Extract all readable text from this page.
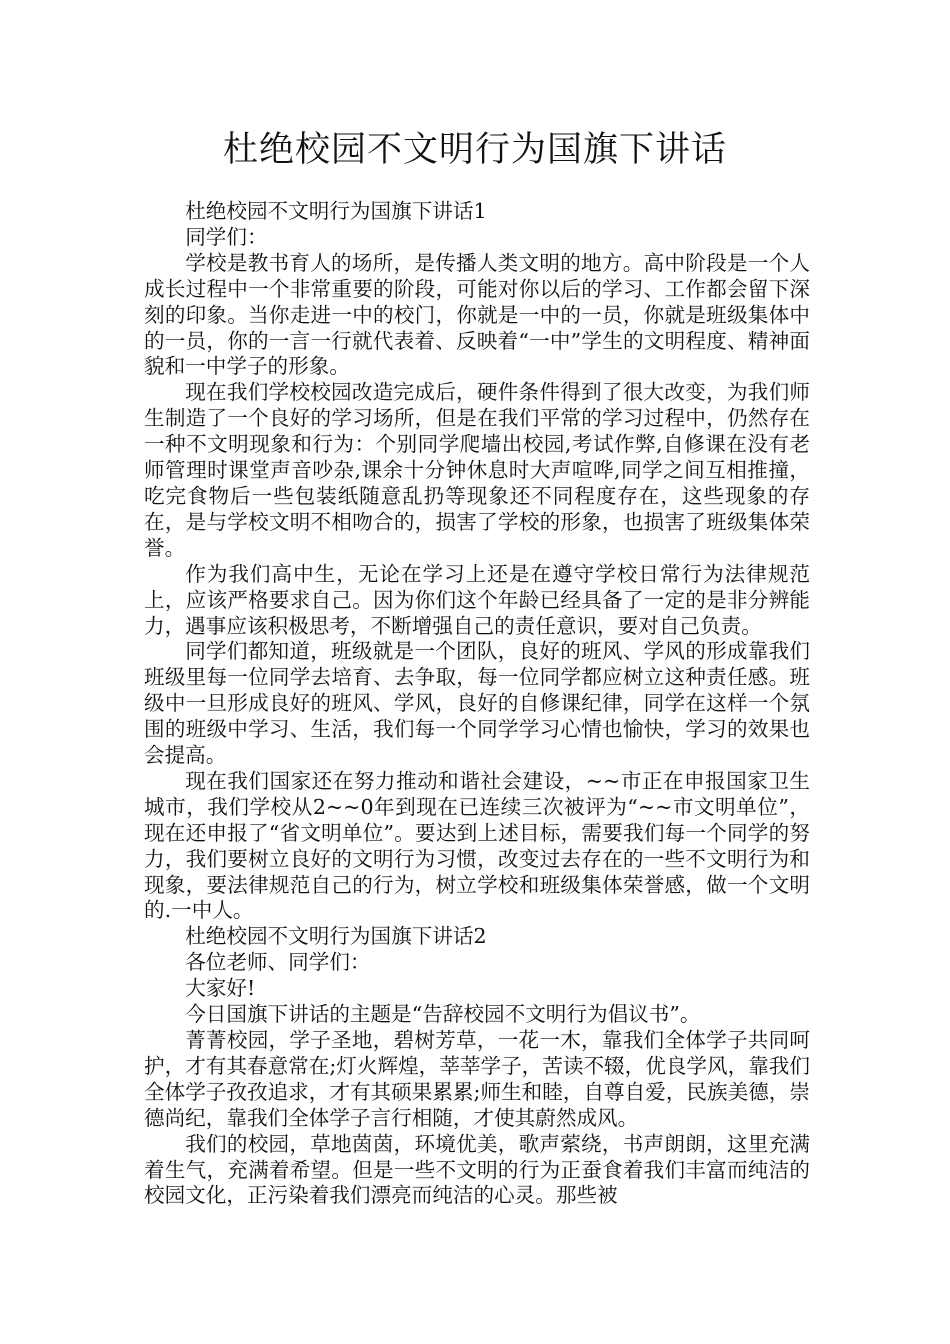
杜绝校园不文明行为国旗下讲话

杜绝校园不文明行为国旗下讲话1

同学们：

学校是教书育人的场所，是传播人类文明的地方。高中阶段是一个人成长过程中一个非常重要的阶段，可能对你以后的学习、工作都会留下深刻的印象。当你走进一中的校门，你就是一中的一员，你就是班级集体中的一员，你的一言一行就代表着、反映着“一中”学生的文明程度、精神面貌和一中学子的形象。

现在我们学校校园改造完成后，硬件条件得到了很大改变，为我们师生制造了一个良好的学习场所，但是在我们平常的学习过程中，仍然存在一种不文明现象和行为：个别同学爬墙出校园,考试作弊,自修课在没有老师管理时课堂声音吵杂,课余十分钟休息时大声喧哗,同学之间互相推撞，吃完食物后一些包装纸随意乱扔等现象还不同程度存在，这些现象的存在，是与学校文明不相吻合的，损害了学校的形象，也损害了班级集体荣誉。

作为我们高中生，无论在学习上还是在遵守学校日常行为法律规范上，应该严格要求自己。因为你们这个年龄已经具备了一定的是非分辨能力，遇事应该积极思考，不断增强自己的责任意识，要对自己负责。

同学们都知道，班级就是一个团队，良好的班风、学风的形成靠我们班级里每一位同学去培育、去争取，每一位同学都应树立这种责任感。班级中一旦形成良好的班风、学风，良好的自修课纪律，同学在这样一个氛围的班级中学习、生活，我们每一个同学学习心情也愉快，学习的效果也会提高。

现在我们国家还在努力推动和谐社会建设，~~市正在申报国家卫生城市，我们学校从2~~0年到现在已连续三次被评为“~~市文明单位”，现在还申报了“省文明单位”。要达到上述目标，需要我们每一个同学的努力，我们要树立良好的文明行为习惯，改变过去存在的一些不文明行为和现象，要法律规范自己的行为，树立学校和班级集体荣誉感，做一个文明的.一中人。

杜绝校园不文明行为国旗下讲话2

各位老师、同学们：

大家好!

今日国旗下讲话的主题是“告辞校园不文明行为倡议书”。

菁菁校园，学子圣地，碧树芳草，一花一木，靠我们全体学子共同呵护，才有其春意常在;灯火辉煌，莘莘学子，苦读不辍，优良学风，靠我们全体学子孜孜追求，才有其硕果累累;师生和睦，自尊自爱，民族美德，崇德尚纪，靠我们全体学子言行相随，才使其蔚然成风。

我们的校园，草地茵茵，环境优美，歌声萦绕，书声朗朗，这里充满着生气，充满着希望。但是一些不文明的行为正蚕食着我们丰富而纯洁的校园文化，正污染着我们漂亮而纯洁的心灵。那些被
